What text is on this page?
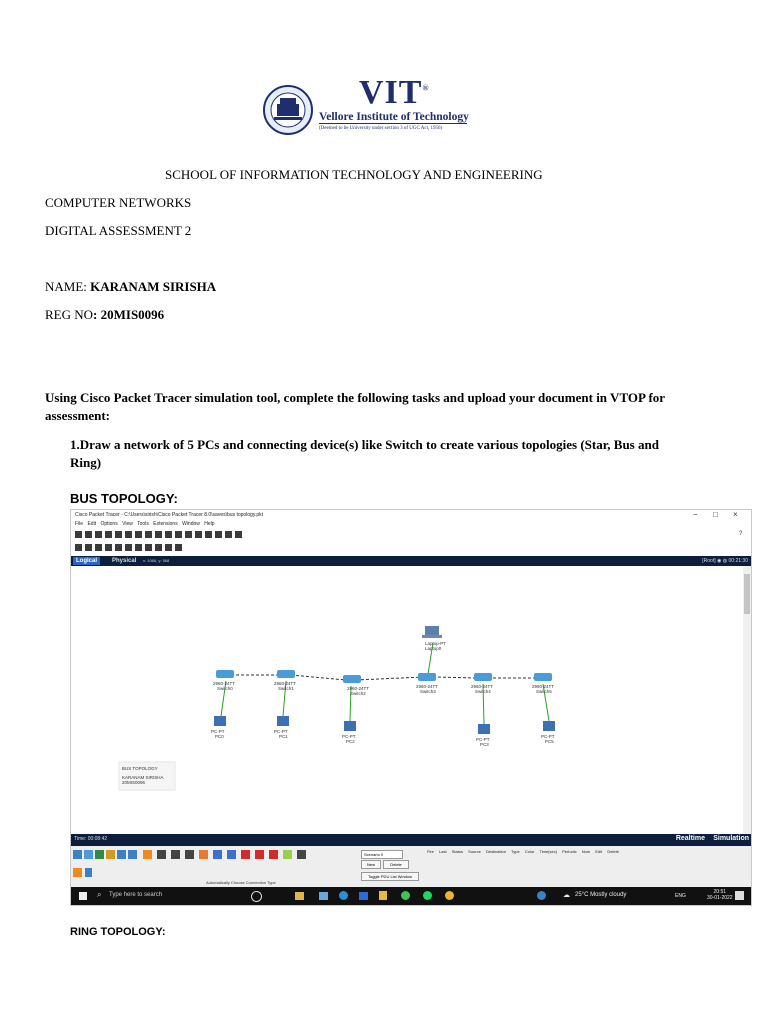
VIT®
Vellore Institute of Technology
(Deemed to be University under section 3 of UGC Act, 1956)
SCHOOL OF INFORMATION TECHNOLOGY AND ENGINEERING
COMPUTER NETWORKS
DIGITAL ASSESSMENT 2
NAME: KARANAM SIRISHA
REG NO: 20MIS0096
Using Cisco Packet Tracer simulation tool, complete the following tasks and upload your document in VTOP for
assessment:
1.Draw a network of 5 PCs and connecting device(s) like Switch to create various topologies (Star, Bus and
Ring)
BUS TOPOLOGY:
Cisco Packet Tracer - C:\Users\sirish\Cisco Packet Tracer 8.0\saves\bus topology.pkt	− □ ×
File Edit Options View Tools Extensions Window Help
?
Logical	Physical	x: 1066, y: 568	[Root] ◉ ◍ 00:21:30
Laptop-PT
Laptop0
2960-24TT
Switch0
2960-24TT
Switch1	2960-24TT
Switch2
2960-24TT
Switch3
2960-24TT
Switch4
2960-24TT
Switch5
PC-PT
PC0
PC-PT
PC1	PC-PT
PC2	PC-PT
PC3
PC-PT
PC5
BUS TOPOLOGY
KARANAM SIRISHA
20MIS0096
Time: 00:08:42	Realtime Simulation
Automatically Choose Connection Type
Scenario 0
New	Delete
Toggle PDU List Window
Fire Last Status Source Destination Type Color Time(sec) Periodic Num Edit Delete
⌕ Type here to search	☁ 25°C Mostly cloudy	ENG
20:51
30-01-2022
RING TOPOLOGY:
